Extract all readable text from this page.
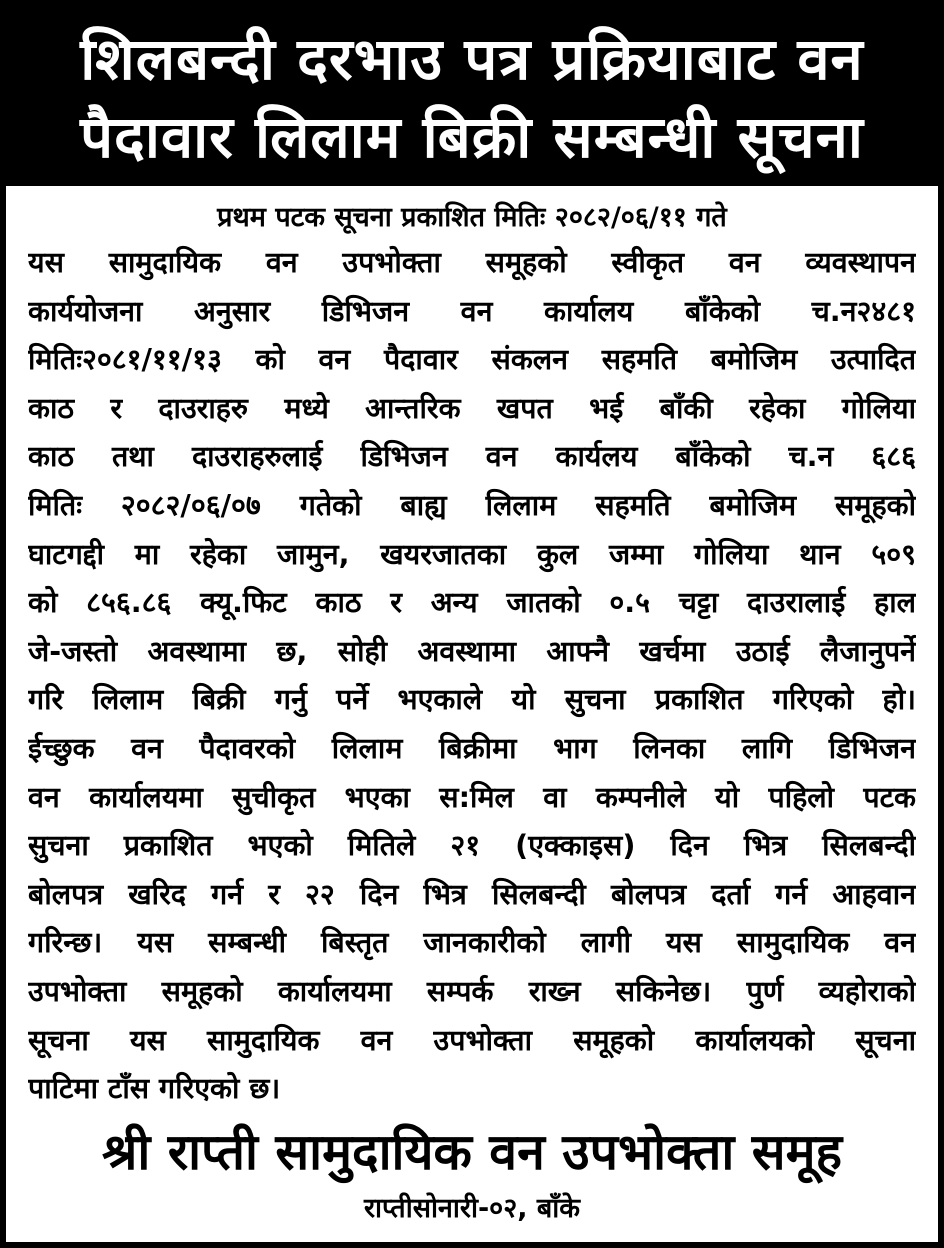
शिलबन्दी दरभाउ पत्र प्रक्रियाबाट वन
पैदावार लिलाम बिक्री सम्बन्धी सूचना
प्रथम पटक सूचना प्रकाशित मितिः २०८२/०६/११ गते
यस सामुदायिक वन उपभोक्ता समूहको स्वीकृत वन व्यवस्थापन
कार्ययोजना अनुसार डिभिजन वन कार्यालय बाँकेको च.न२४८१
मितिः२०८१/११/१३ को वन पैदावार संकलन सहमति बमोजिम उत्पादित
काठ र दाउराहरु मध्ये आन्तरिक खपत भई बाँकी रहेका गोलिया
काठ तथा दाउराहरुलाई डिभिजन वन कार्यलय बाँकेको च.न ६८६
मितिः २०८२/०६/०७ गतेको बाह्य लिलाम सहमति बमोजिम समूहको
घाटगद्दी मा रहेका जामुन, खयरजातका कुल जम्मा गोलिया थान ५०९
को ८५६.८६ क्यू.फिट काठ र अन्य जातको ०.५ चट्टा दाउरालाई हाल
जे-जस्तो अवस्थामा छ, सोही अवस्थामा आफ्नै खर्चमा उठाई लैजानुपर्ने
गरि लिलाम बिक्री गर्नु पर्ने भएकाले यो सुचना प्रकाशित गरिएको हो।
ईच्छुक वन पैदावरको लिलाम बिक्रीमा भाग लिनका लागि डिभिजन
वन कार्यालयमा सुचीकृत भएका स:मिल वा कम्पनीले यो पहिलो पटक
सुचना प्रकाशित भएको मितिले २१ (एक्काइस) दिन भित्र सिलबन्दी
बोलपत्र खरिद गर्न र २२ दिन भित्र सिलबन्दी बोलपत्र दर्ता गर्न आहवान
गरिन्छ। यस सम्बन्धी बिस्तृत जानकारीको लागी यस सामुदायिक वन
उपभोक्ता समूहको कार्यालयमा सम्पर्क राख्न सकिनेछ। पुर्ण व्यहोराको
सूचना यस सामुदायिक वन उपभोक्ता समूहको कार्यालयको सूचना
पाटिमा टाँस गरिएको छ।
श्री राप्ती सामुदायिक वन उपभोक्ता समूह
राप्तीसोनारी-०२, बाँके
